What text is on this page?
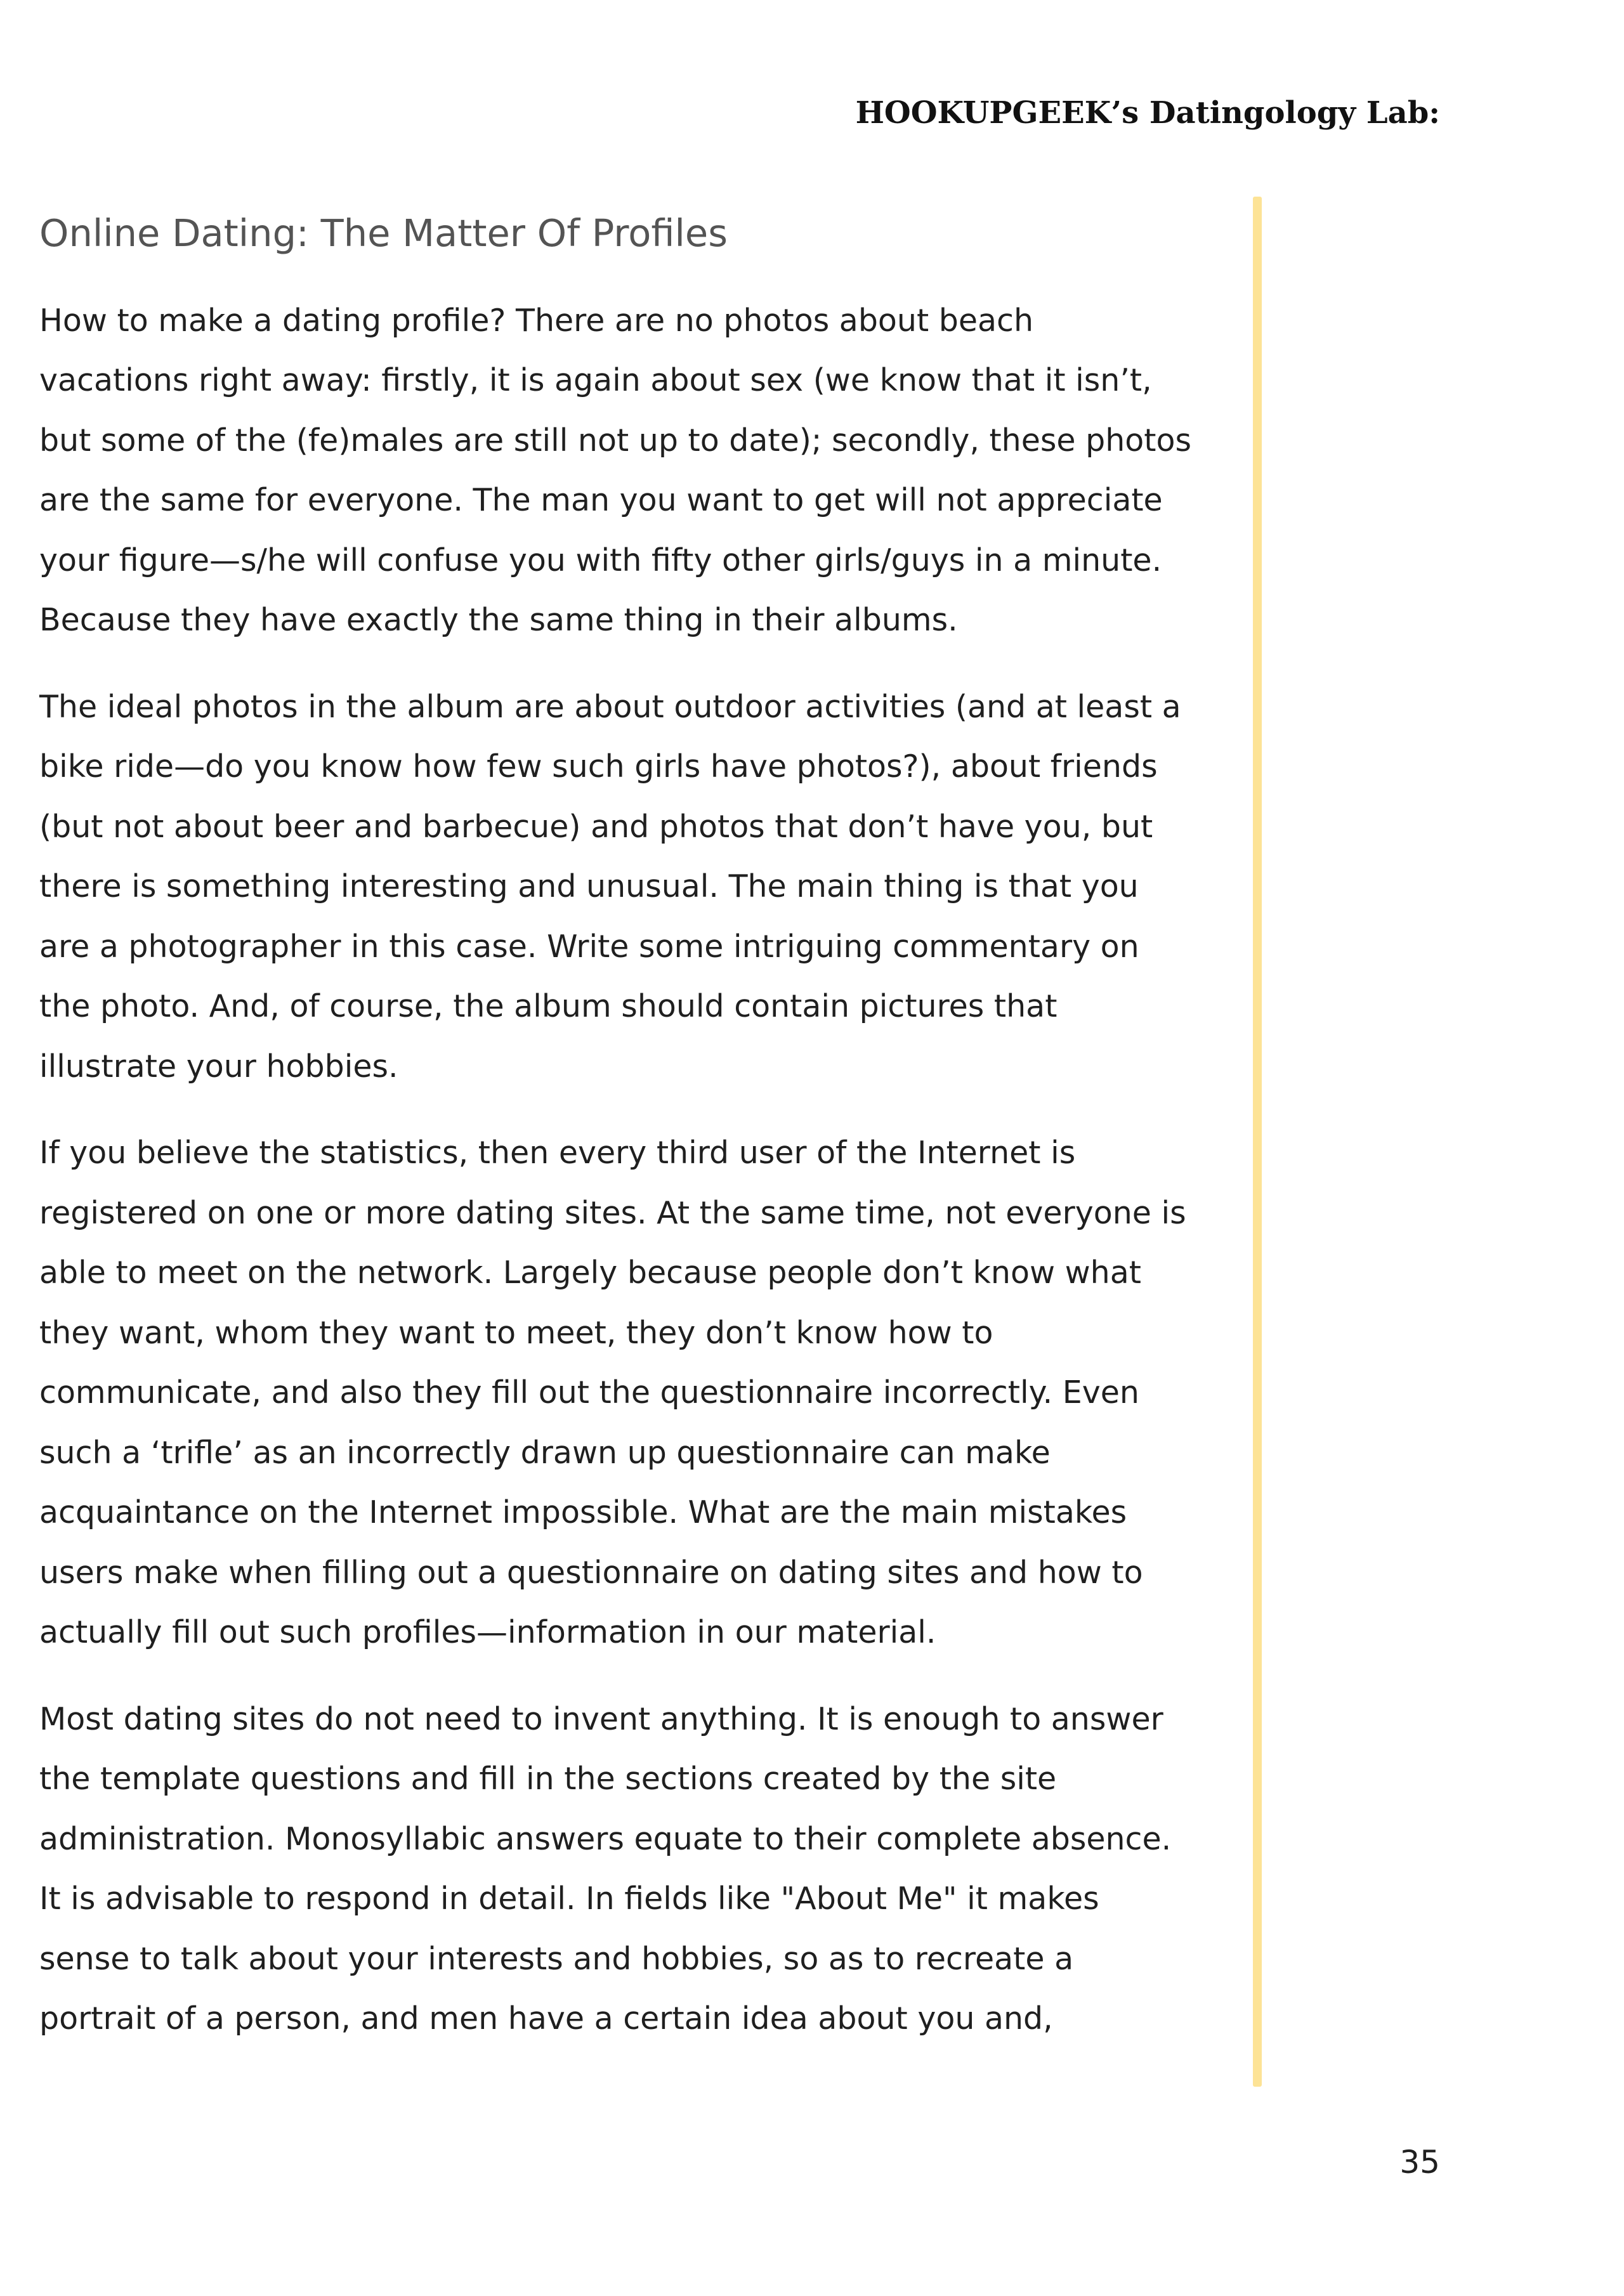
HOOKUPGEEK’s Datingology Lab:
Online Dating: The Matter Of Profiles

How to make a dating profile? There are no photos about beach
vacations right away: firstly, it is again about sex (we know that it isn’t,
but some of the (fe)males are still not up to date); secondly, these photos
are the same for everyone. The man you want to get will not appreciate
your figure—s/he will confuse you with fifty other girls/guys in a minute.
Because they have exactly the same thing in their albums.

The ideal photos in the album are about outdoor activities (and at least a
bike ride—do you know how few such girls have photos?), about friends
(but not about beer and barbecue) and photos that don’t have you, but
there is something interesting and unusual. The main thing is that you
are a photographer in this case. Write some intriguing commentary on
the photo. And, of course, the album should contain pictures that
illustrate your hobbies.

If you believe the statistics, then every third user of the Internet is
registered on one or more dating sites. At the same time, not everyone is
able to meet on the network. Largely because people don’t know what
they want, whom they want to meet, they don’t know how to
communicate, and also they fill out the questionnaire incorrectly. Even
such a ‘trifle’ as an incorrectly drawn up questionnaire can make
acquaintance on the Internet impossible. What are the main mistakes
users make when filling out a questionnaire on dating sites and how to
actually fill out such profiles—information in our material.

Most dating sites do not need to invent anything. It is enough to answer
the template questions and fill in the sections created by the site
administration. Monosyllabic answers equate to their complete absence.
It is advisable to respond in detail. In fields like "About Me" it makes
sense to talk about your interests and hobbies, so as to recreate a
portrait of a person, and men have a certain idea about you and,

35
